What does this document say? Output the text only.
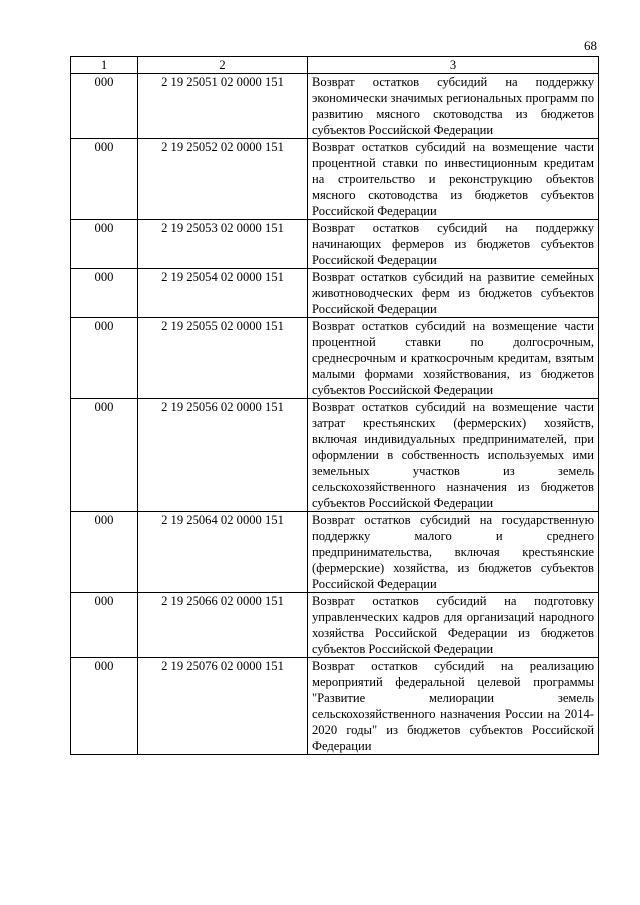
68
1	2	3
000	2 19 25051 02 0000 151	Возврат остатков субсидий на поддержку экономически значимых региональных программ по развитию мясного скотоводства из бюджетов субъектов Российской Федерации
000	2 19 25052 02 0000 151	Возврат остатков субсидий на возмещение части процентной ставки по инвестиционным кредитам на строительство и реконструкцию объектов мясного скотоводства из бюджетов субъектов Российской Федерации
000	2 19 25053 02 0000 151	Возврат остатков субсидий на поддержку начинающих фермеров из бюджетов субъектов Российской Федерации
000	2 19 25054 02 0000 151	Возврат остатков субсидий на развитие семейных животноводческих ферм из бюджетов субъектов Российской Федерации
000	2 19 25055 02 0000 151	Возврат остатков субсидий на возмещение части процентной ставки по долгосрочным, среднесрочным и краткосрочным кредитам, взятым малыми формами хозяйствования, из бюджетов субъектов Российской Федерации
000	2 19 25056 02 0000 151	Возврат остатков субсидий на возмещение части затрат крестьянских (фермерских) хозяйств, включая индивидуальных предпринимателей, при оформлении в собственность используемых ими земельных участков из земель сельскохозяйственного назначения из бюджетов субъектов Российской Федерации
000	2 19 25064 02 0000 151	Возврат остатков субсидий на государственную поддержку малого и среднего предпринимательства, включая крестьянские (фермерские) хозяйства, из бюджетов субъектов Российской Федерации
000	2 19 25066 02 0000 151	Возврат остатков субсидий на подготовку управленческих кадров для организаций народного хозяйства Российской Федерации из бюджетов субъектов Российской Федерации
000	2 19 25076 02 0000 151	Возврат остатков субсидий на реализацию мероприятий федеральной целевой программы "Развитие мелиорации земель сельскохозяйственного назначения России на 2014-2020 годы" из бюджетов субъектов Российской Федерации
